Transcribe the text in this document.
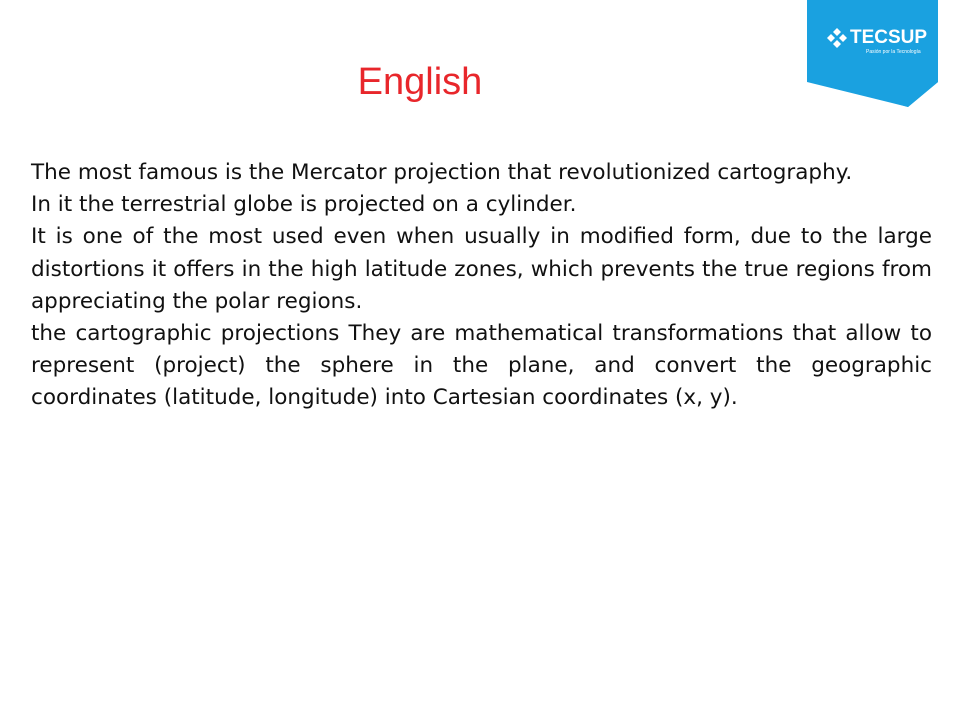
TECSUP
Pasión por la Tecnología
English

The most famous is the Mercator projection that revolutionized cartography.

In it the terrestrial globe is projected on a cylinder.

It is one of the most used even when usually in modified form, due to the large distortions it offers in the high latitude zones, which prevents the true regions from appreciating the polar regions.

the cartographic projections They are mathematical transformations that allow to represent (project) the sphere in the plane, and convert the geographic coordinates (latitude, longitude) into Cartesian coordinates (x, y).
